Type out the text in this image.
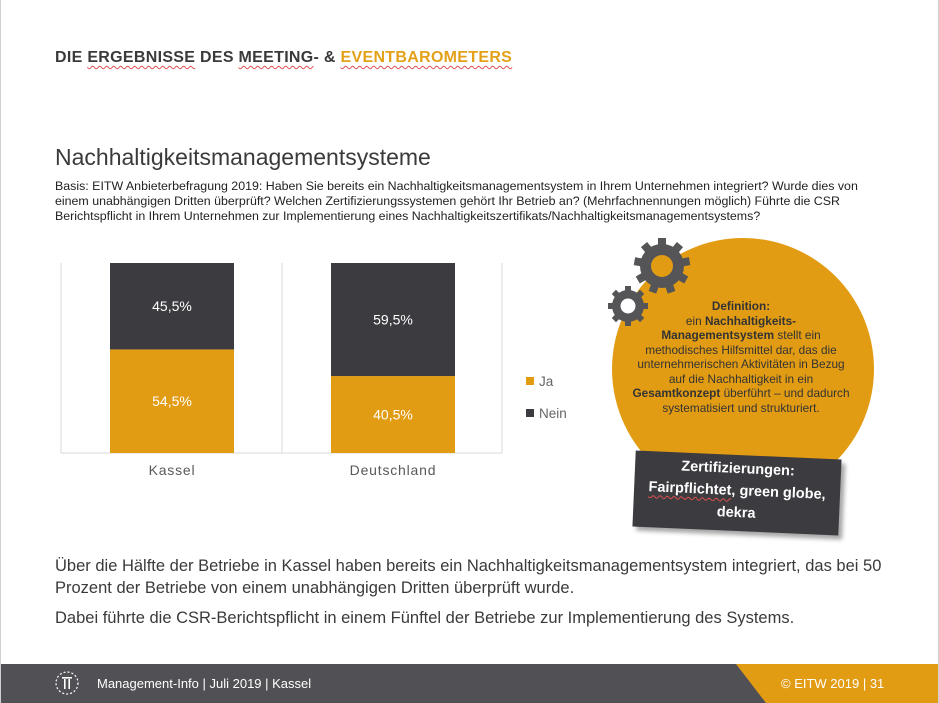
DIE ERGEBNISSE DES MEETING- & EVENTBAROMETERS
Nachhaltigkeitsmanagementsysteme
Basis: EITW Anbieterbefragung 2019: Haben Sie bereits ein Nachhaltigkeitsmanagementsystem in Ihrem Unternehmen integriert? Wurde dies von einem unabhängigen Dritten überprüft? Welchen Zertifizierungssystemen gehört Ihr Betrieb an? (Mehrfachnennungen möglich) Führte die CSR Berichtspflicht in Ihrem Unternehmen zur Implementierung eines Nachhaltigkeitszertifikats/Nachhaltigkeitsmanagementsystems?
54,5%
45,5%
Kassel
40,5%
59,5%
Deutschland
Ja
Nein
Definition:
ein Nachhaltigkeits-Managementsystem stellt ein methodisches Hilfsmittel dar, das die unternehmerischen Aktivitäten in Bezug auf die Nachhaltigkeit in ein Gesamtkonzept überführt – und dadurch systematisiert und strukturiert.
Zertifizierungen:
Fairpflichtet, green globe,
dekra

Über die Hälfte der Betriebe in Kassel haben bereits ein Nachhaltigkeitsmanagementsystem integriert, das bei 50 Prozent der Betriebe von einem unabhängigen Dritten überprüft wurde.

Dabei führte die CSR-Berichtspflicht in einem Fünftel der Betriebe zur Implementierung des Systems.

Management-Info | Juli 2019 | Kassel	© EITW 2019 | 31
